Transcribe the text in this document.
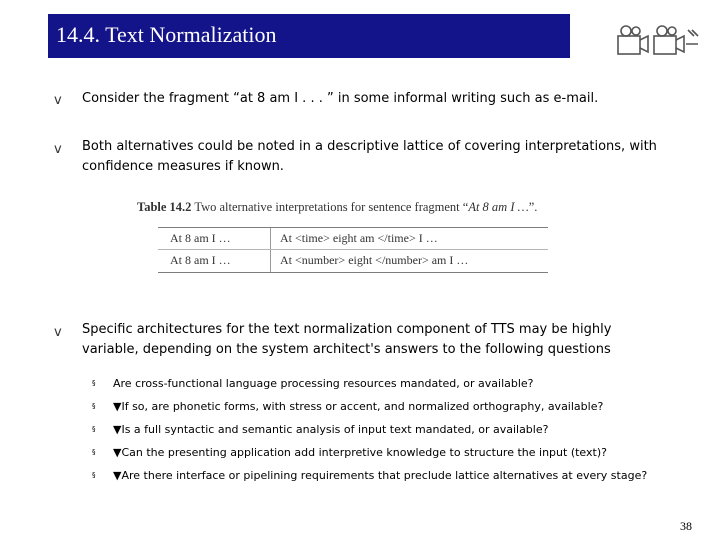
14.4. Text Normalization
v Consider the fragment “at 8 am I . . . ” in some informal writing such as e-mail.
v Both alternatives could be noted in a descriptive lattice of covering interpretations, with
confidence measures if known.
Table 14.2 Two alternative interpretations for sentence fragment “At 8 am I …”.
At 8 am I …	At <time> eight am </time> I …
At 8 am I …	At <number> eight </number> am I …
v Specific architectures for the text normalization component of TTS may be highly
variable, depending on the system architect's answers to the following questions
§ Are cross-functional language processing resources mandated, or available?
§ ▼If so, are phonetic forms, with stress or accent, and normalized orthography, available?
§ ▼Is a full syntactic and semantic analysis of input text mandated, or available?
§ ▼Can the presenting application add interpretive knowledge to structure the input (text)?
§ ▼Are there interface or pipelining requirements that preclude lattice alternatives at every stage?
38
